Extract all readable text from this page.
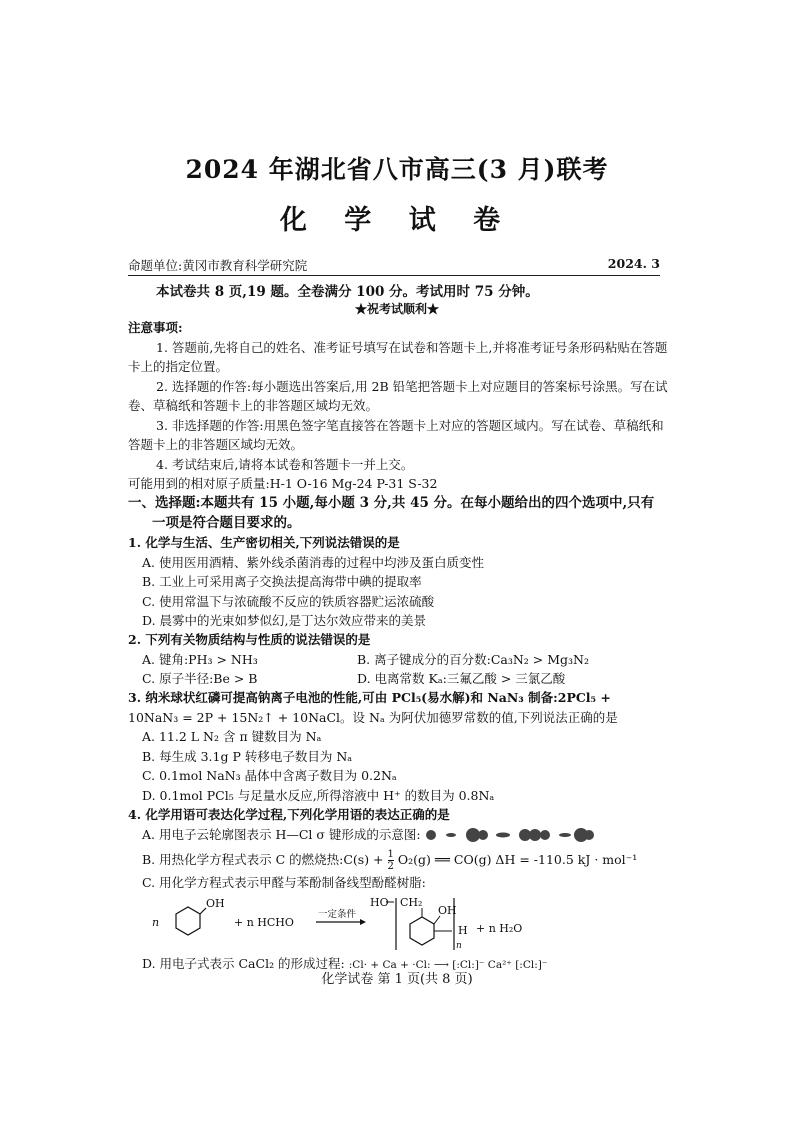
2024 年湖北省八市高三(3 月)联考
化 学 试 卷
命题单位:黄冈市教育科学研究院	2024. 3
本试卷共 8 页,19 题。全卷满分 100 分。考试用时 75 分钟。
★祝考试顺利★
注意事项:
1. 答题前,先将自己的姓名、准考证号填写在试卷和答题卡上,并将准考证号条形码粘贴在答题卡上的指定位置。
2. 选择题的作答:每小题选出答案后,用 2B 铅笔把答题卡上对应题目的答案标号涂黑。写在试卷、草稿纸和答题卡上的非答题区域均无效。
3. 非选择题的作答:用黑色签字笔直接答在答题卡上对应的答题区域内。写在试卷、草稿纸和答题卡上的非答题区域均无效。
4. 考试结束后,请将本试卷和答题卡一并上交。
可能用到的相对原子质量:H-1 O-16 Mg-24 P-31 S-32
一、选择题:本题共有 15 小题,每小题 3 分,共 45 分。在每小题给出的四个选项中,只有
一项是符合题目要求的。
1. 化学与生活、生产密切相关,下列说法错误的是
A. 使用医用酒精、紫外线杀菌消毒的过程中均涉及蛋白质变性
B. 工业上可采用离子交换法提高海带中碘的提取率
C. 使用常温下与浓硫酸不反应的铁质容器贮运浓硫酸
D. 晨雾中的光束如梦似幻,是丁达尔效应带来的美景
2. 下列有关物质结构与性质的说法错误的是
A. 键角:PH₃ > NH₃	B. 离子键成分的百分数:Ca₃N₂ > Mg₃N₂
C. 原子半径:Be > B	D. 电离常数 Kₐ:三氟乙酸 > 三氯乙酸
3. 纳米球状红磷可提高钠离子电池的性能,可由 PCl₅(易水解)和 NaN₃ 制备:2PCl₅ +
10NaN₃ = 2P + 15N₂↑ + 10NaCl。设 Nₐ 为阿伏加德罗常数的值,下列说法正确的是
A. 11.2 L N₂ 含 π 键数目为 Nₐ
B. 每生成 3.1g P 转移电子数目为 Nₐ
C. 0.1mol NaN₃ 晶体中含离子数目为 0.2Nₐ
D. 0.1mol PCl₅ 与足量水反应,所得溶液中 H⁺ 的数目为 0.8Nₐ
4. 化学用语可表达化学过程,下列化学用语的表达正确的是
A. 用电子云轮廓图表示 H—Cl σ 键形成的示意图:
B. 用热化学方程式表示 C 的燃烧热:C(s) + $\frac{1}{2} O_2(g)$ ══ CO(g) ΔH = -110.5 kJ · mol⁻¹
C. 用化学方程式表示甲醛与苯酚制备线型酚醛树脂:
n
OH
+ n HCHO
一定条件
HO CH₂
OH
H
n
+ n H₂O
D. 用电子式表示 CaCl₂ 的形成过程: :Cl· + Ca + ·Cl: ⟶ [:Cl:]⁻ Ca²⁺ [:Cl:]⁻
化学试卷 第 1 页(共 8 页)
